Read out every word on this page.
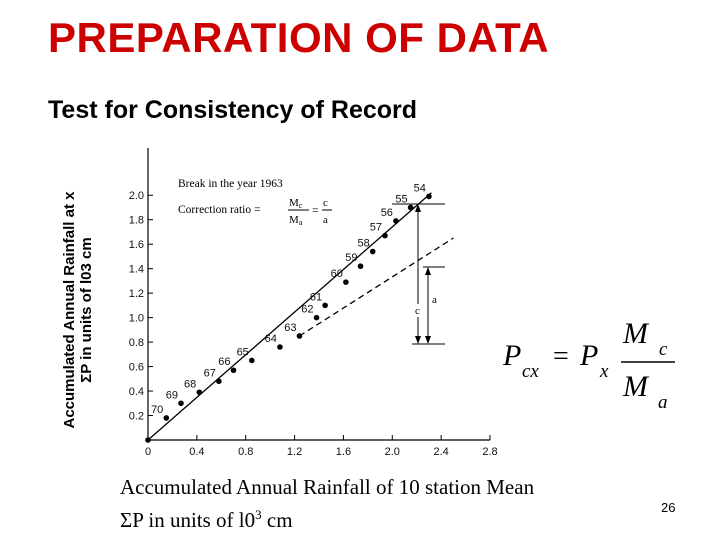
PREPARATION OF DATA
Test for Consistency of Record
Accumulated Annual Rainfall at x ΣP in units of l03 cm
0	0.4	0.8	1.2	1.6	2.0	2.4	2.8
0.2
0.4
0.6
0.8
1.0
1.2
1.4
1.6
1.8
2.0
70
69
68
67
66
65
64
63
62
61
60
59
58
57
56
55
54
Break in the year 1963
Correction ratio =
Mc
Ma
=
c
a
a
c
P cx = P x
M c
M a
Accumulated Annual Rainfall of 10 station Mean
ΣP in units of $l0^3$ cm
26
